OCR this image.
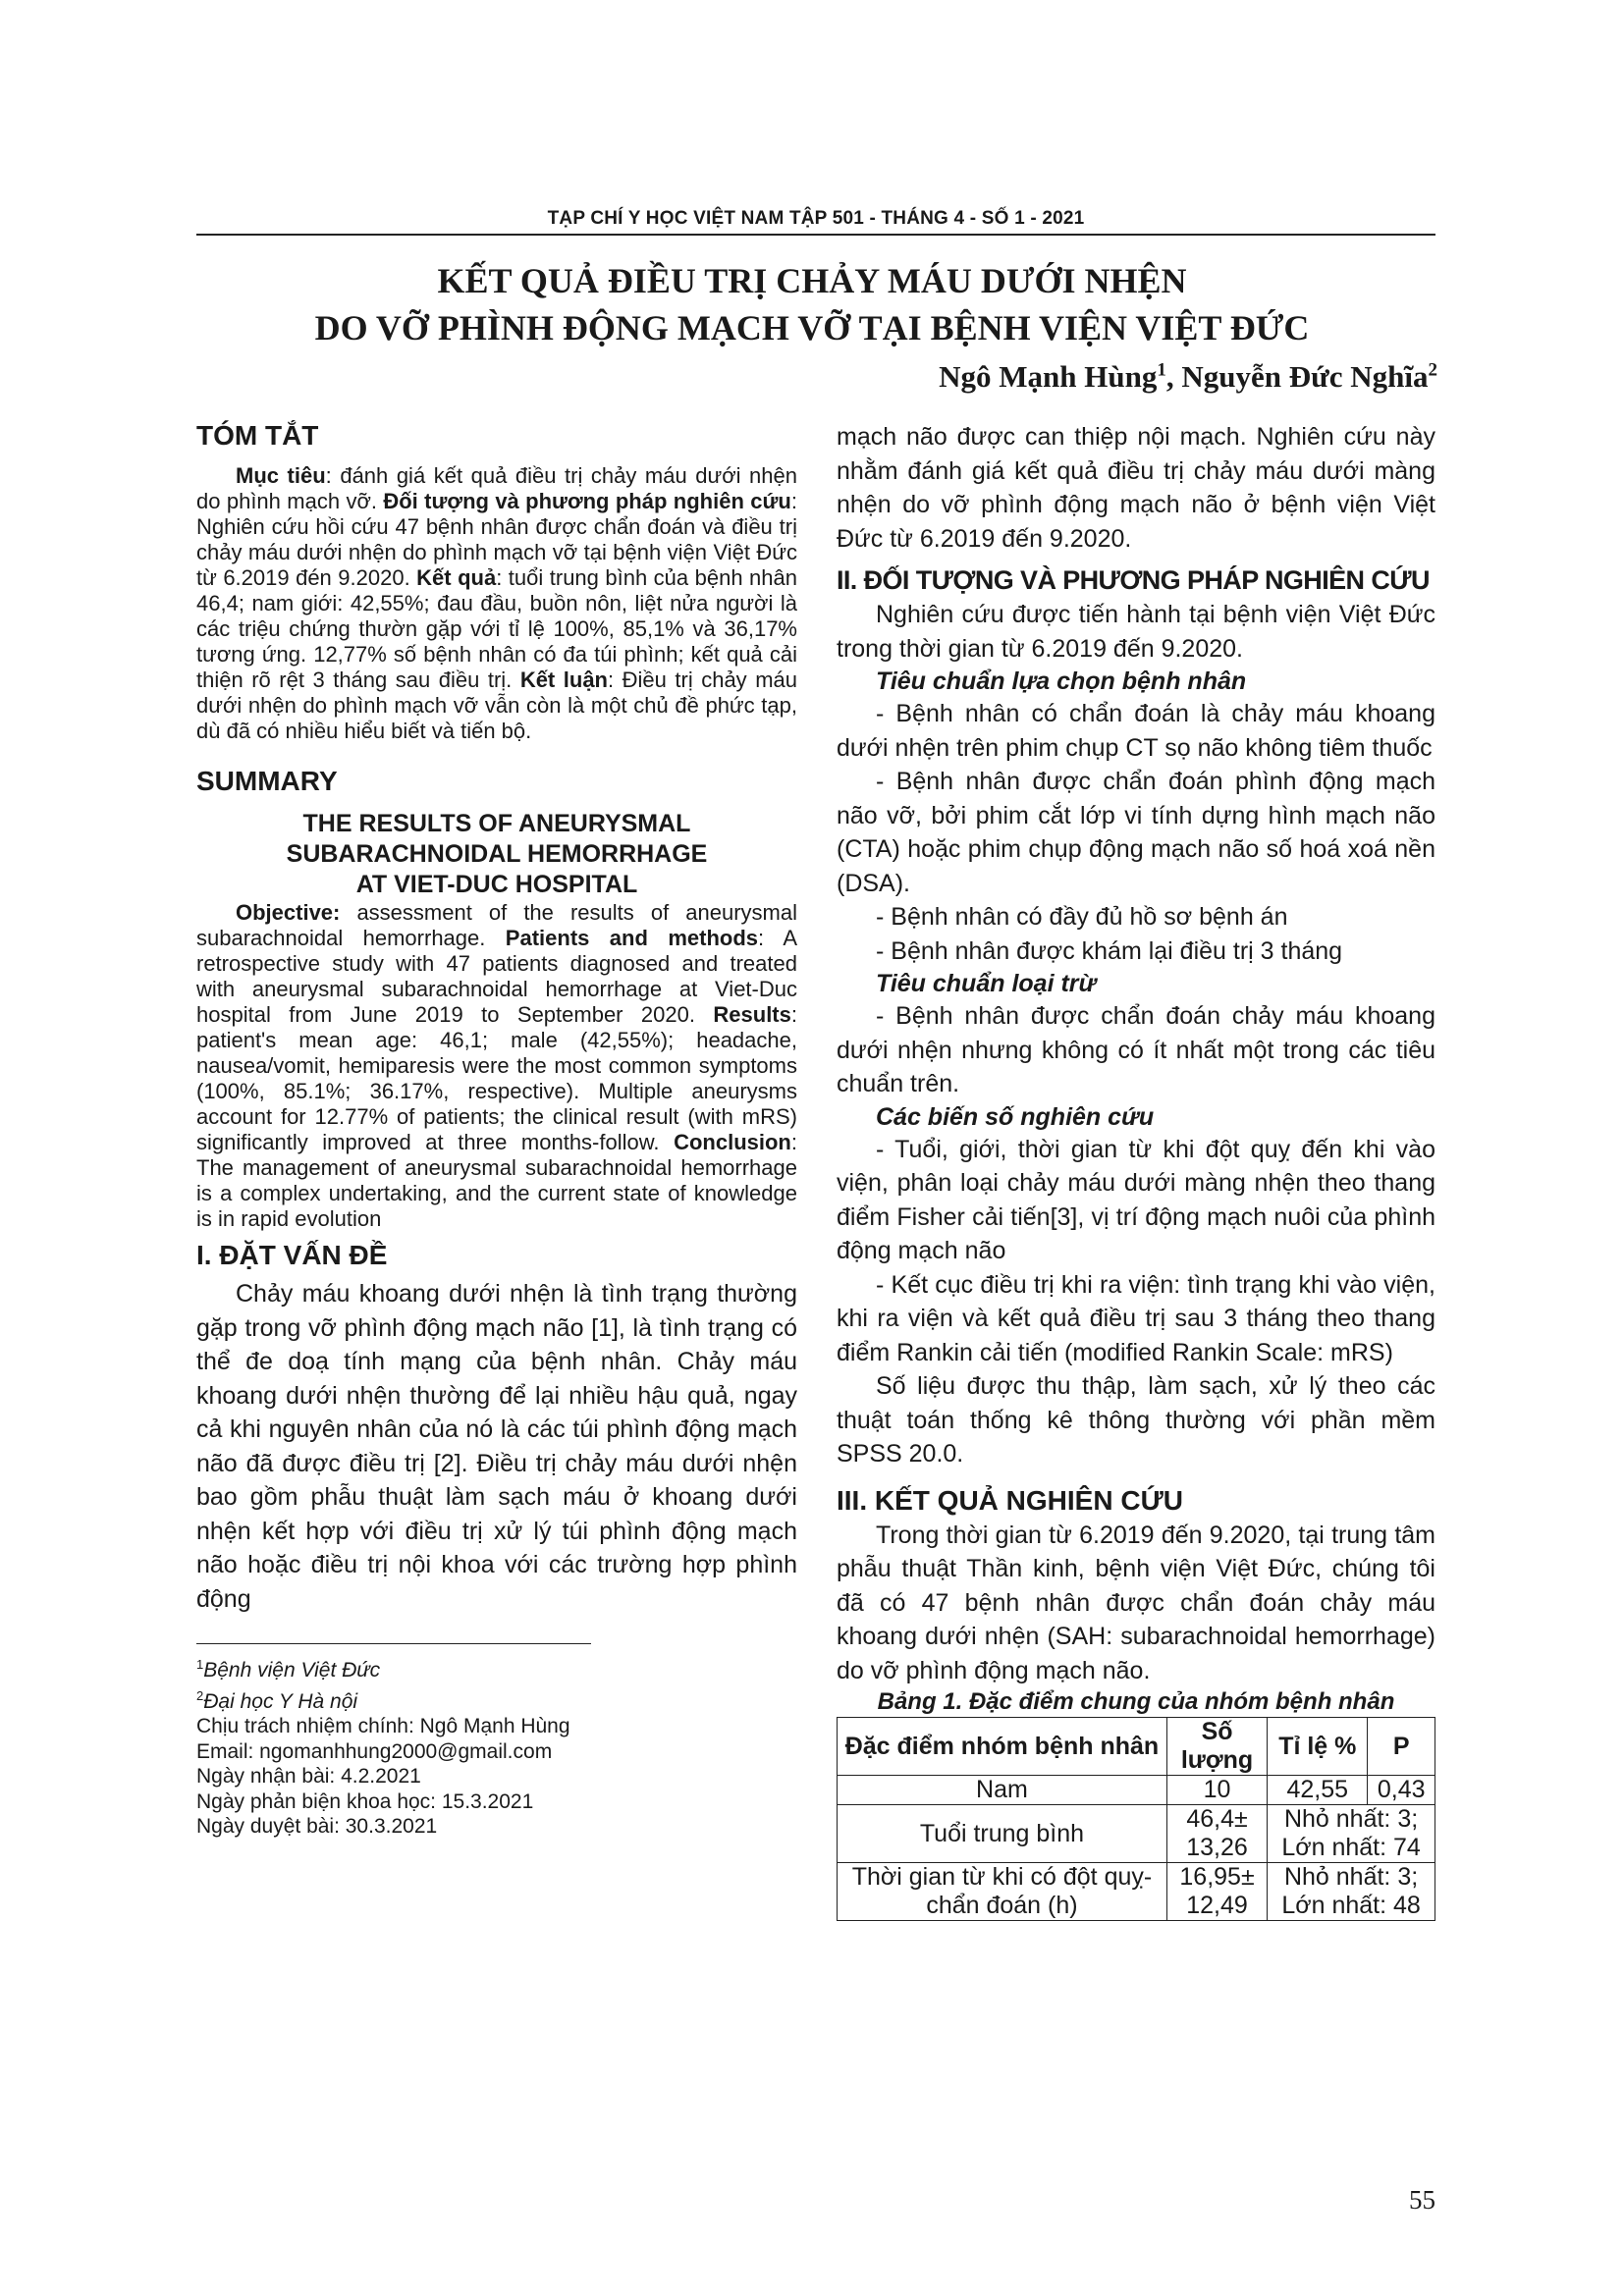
TẠP CHÍ Y HỌC VIỆT NAM TẬP 501 - THÁNG 4 - SỐ 1 - 2021
KẾT QUẢ ĐIỀU TRỊ CHẢY MÁU DƯỚI NHỆN
DO VỠ PHÌNH ĐỘNG MẠCH VỠ TẠI BỆNH VIỆN VIỆT ĐỨC
Ngô Mạnh Hùng$^1$, Nguyễn Đức Nghĩa$^2$
TÓM TẮT

Mục tiêu: đánh giá kết quả điều trị chảy máu dưới nhện do phình mạch vỡ. Đối tượng và phương pháp nghiên cứu: Nghiên cứu hồi cứu 47 bệnh nhân được chẩn đoán và điều trị chảy máu dưới nhện do phình mạch vỡ tại bệnh viện Việt Đức từ 6.2019 đén 9.2020. Kết quả: tuổi trung bình của bệnh nhân 46,4; nam giới: 42,55%; đau đầu, buồn nôn, liệt nửa người là các triệu chứng thườn gặp với tỉ lệ 100%, 85,1% và 36,17% tương ứng. 12,77% số bệnh nhân có đa túi phình; kết quả cải thiện rõ rệt 3 tháng sau điều trị. Kết luận: Điều trị chảy máu dưới nhện do phình mạch vỡ vẫn còn là một chủ đề phức tạp, dù đã có nhiều hiểu biết và tiến bộ.

SUMMARY
THE RESULTS OF ANEURYSMAL
SUBARACHNOIDAL HEMORRHAGE
AT VIET-DUC HOSPITAL

Objective: assessment of the results of aneurysmal subarachnoidal hemorrhage. Patients and methods: A retrospective study with 47 patients diagnosed and treated with aneurysmal subarachnoidal hemorrhage at Viet-Duc hospital from June 2019 to September 2020. Results: patient's mean age: 46,1; male (42,55%); headache, nausea/vomit, hemiparesis were the most common symptoms (100%, 85.1%; 36.17%, respective). Multiple aneurysms account for 12.77% of patients; the clinical result (with mRS) significantly improved at three months-follow. Conclusion: The management of aneurysmal subarachnoidal hemorrhage is a complex undertaking, and the current state of knowledge is in rapid evolution

I. ĐẶT VẤN ĐỀ

Chảy máu khoang dưới nhện là tình trạng thường gặp trong vỡ phình động mạch não [1], là tình trạng có thể đe doạ tính mạng của bệnh nhân. Chảy máu khoang dưới nhện thường để lại nhiều hậu quả, ngay cả khi nguyên nhân của nó là các túi phình động mạch não đã được điều trị [2]. Điều trị chảy máu dưới nhện bao gồm phẫu thuật làm sạch máu ở khoang dưới nhện kết hợp với điều trị xử lý túi phình động mạch não hoặc điều trị nội khoa với các trường hợp phình động

$^1$Bệnh viện Việt Đức

$^2$Đại học Y Hà nội

Chịu trách nhiệm chính: Ngô Mạnh Hùng

Email: ngomanhhung2000@gmail.com

Ngày nhận bài: 4.2.2021

Ngày phản biện khoa học: 15.3.2021

Ngày duyệt bài: 30.3.2021

mạch não được can thiệp nội mạch. Nghiên cứu này nhằm đánh giá kết quả điều trị chảy máu dưới màng nhện do vỡ phình động mạch não ở bệnh viện Việt Đức từ 6.2019 đến 9.2020.

II. ĐỐI TƯỢNG VÀ PHƯƠNG PHÁP NGHIÊN CỨU

Nghiên cứu được tiến hành tại bệnh viện Việt Đức trong thời gian từ 6.2019 đến 9.2020.

Tiêu chuẩn lựa chọn bệnh nhân

- Bệnh nhân có chẩn đoán là chảy máu khoang dưới nhện trên phim chụp CT sọ não không tiêm thuốc

- Bệnh nhân được chẩn đoán phình động mạch não vỡ, bởi phim cắt lớp vi tính dựng hình mạch não (CTA) hoặc phim chụp động mạch não số hoá xoá nền (DSA).

- Bệnh nhân có đầy đủ hồ sơ bệnh án

- Bệnh nhân được khám lại điều trị 3 tháng

Tiêu chuẩn loại trừ

- Bệnh nhân được chẩn đoán chảy máu khoang dưới nhện nhưng không có ít nhất một trong các tiêu chuẩn trên.

Các biến số nghiên cứu

- Tuổi, giới, thời gian từ khi đột quỵ đến khi vào viện, phân loại chảy máu dưới màng nhện theo thang điểm Fisher cải tiến[3], vị trí động mạch nuôi của phình động mạch não

- Kết cục điều trị khi ra viện: tình trạng khi vào viện, khi ra viện và kết quả điều trị sau 3 tháng theo thang điểm Rankin cải tiến (modified Rankin Scale: mRS)

Số liệu được thu thập, làm sạch, xử lý theo các thuật toán thống kê thông thường với phần mềm SPSS 20.0.

III. KẾT QUẢ NGHIÊN CỨU

Trong thời gian từ 6.2019 đến 9.2020, tại trung tâm phẫu thuật Thần kinh, bệnh viện Việt Đức, chúng tôi đã có 47 bệnh nhân được chẩn đoán chảy máu khoang dưới nhện (SAH: subarachnoidal hemorrhage) do vỡ phình động mạch não.

Bảng 1. Đặc điểm chung của nhóm bệnh nhân

Đặc điểm nhóm bệnh nhân	Số lượng	Tỉ lệ %	P
Nam	10	42,55	0,43
Tuổi trung bình	46,4± 13,26	Nhỏ nhất: 3; Lớn nhất: 74	
Thời gian từ khi có đột quỵ-chẩn đoán (h)	16,95± 12,49	Nhỏ nhất: 3; Lớn nhất: 48	
55
